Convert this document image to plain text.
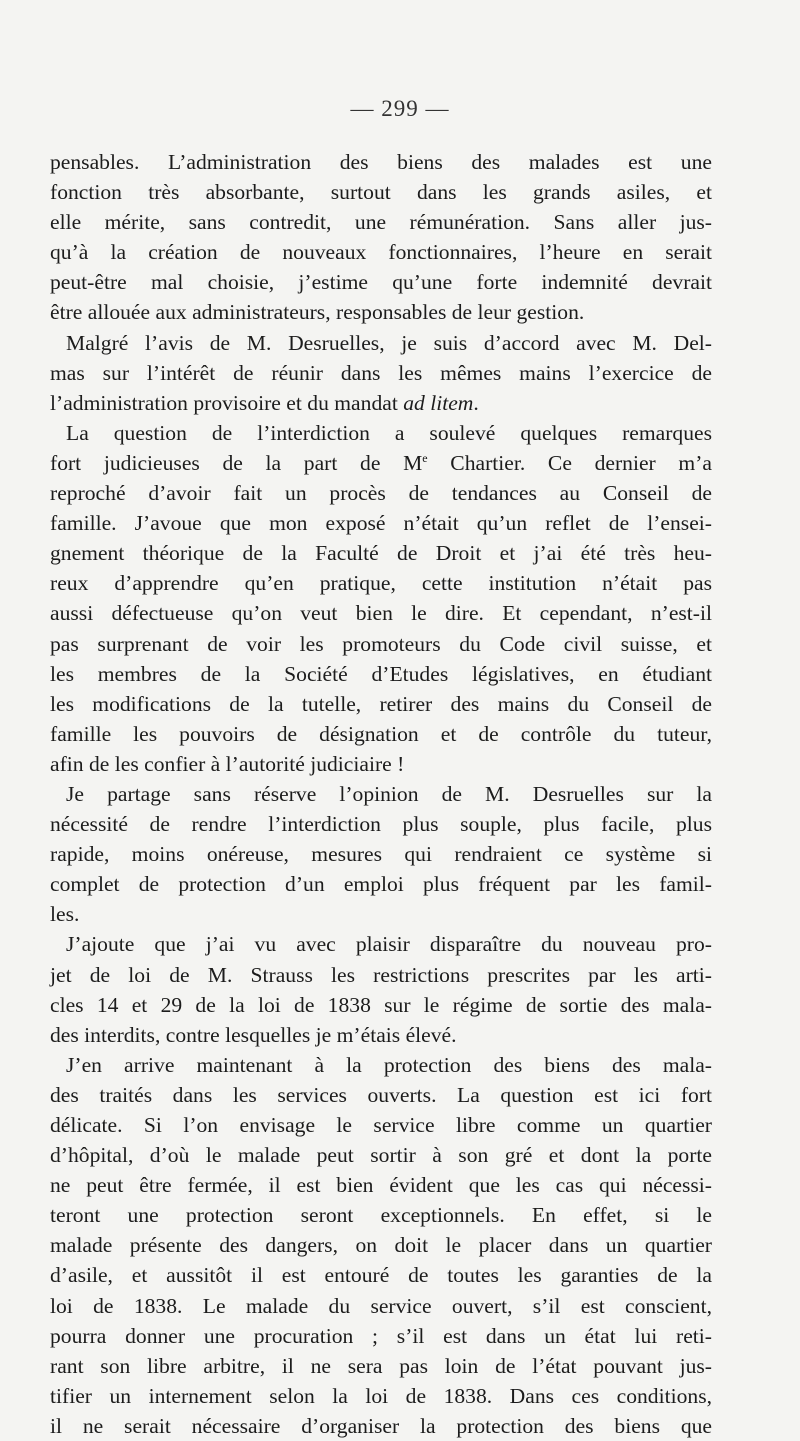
— 299 —
pensables. L’administration des biens des malades est une
fonction très absorbante, surtout dans les grands asiles, et
elle mérite, sans contredit, une rémunération. Sans aller jus-
qu’à la création de nouveaux fonctionnaires, l’heure en serait
peut-être mal choisie, j’estime qu’une forte indemnité devrait
être allouée aux administrateurs, responsables de leur gestion.
Malgré l’avis de M. Desruelles, je suis d’accord avec M. Del-
mas sur l’intérêt de réunir dans les mêmes mains l’exercice de
l’administration provisoire et du mandat ad litem.
La question de l’interdiction a soulevé quelques remarques
fort judicieuses de la part de Me Chartier. Ce dernier m’a
reproché d’avoir fait un procès de tendances au Conseil de
famille. J’avoue que mon exposé n’était qu’un reflet de l’ensei-
gnement théorique de la Faculté de Droit et j’ai été très heu-
reux d’apprendre qu’en pratique, cette institution n’était pas
aussi défectueuse qu’on veut bien le dire. Et cependant, n’est-il
pas surprenant de voir les promoteurs du Code civil suisse, et
les membres de la Société d’Etudes législatives, en étudiant
les modifications de la tutelle, retirer des mains du Conseil de
famille les pouvoirs de désignation et de contrôle du tuteur,
afin de les confier à l’autorité judiciaire !
Je partage sans réserve l’opinion de M. Desruelles sur la
nécessité de rendre l’interdiction plus souple, plus facile, plus
rapide, moins onéreuse, mesures qui rendraient ce système si
complet de protection d’un emploi plus fréquent par les famil-
les.
J’ajoute que j’ai vu avec plaisir disparaître du nouveau pro-
jet de loi de M. Strauss les restrictions prescrites par les arti-
cles 14 et 29 de la loi de 1838 sur le régime de sortie des mala-
des interdits, contre lesquelles je m’étais élevé.
J’en arrive maintenant à la protection des biens des mala-
des traités dans les services ouverts. La question est ici fort
délicate. Si l’on envisage le service libre comme un quartier
d’hôpital, d’où le malade peut sortir à son gré et dont la porte
ne peut être fermée, il est bien évident que les cas qui nécessi-
teront une protection seront exceptionnels. En effet, si le
malade présente des dangers, on doit le placer dans un quartier
d’asile, et aussitôt il est entouré de toutes les garanties de la
loi de 1838. Le malade du service ouvert, s’il est conscient,
pourra donner une procuration ; s’il est dans un état lui reti-
rant son libre arbitre, il ne sera pas loin de l’état pouvant jus-
tifier un internement selon la loi de 1838. Dans ces conditions,
il ne serait nécessaire d’organiser la protection des biens que
